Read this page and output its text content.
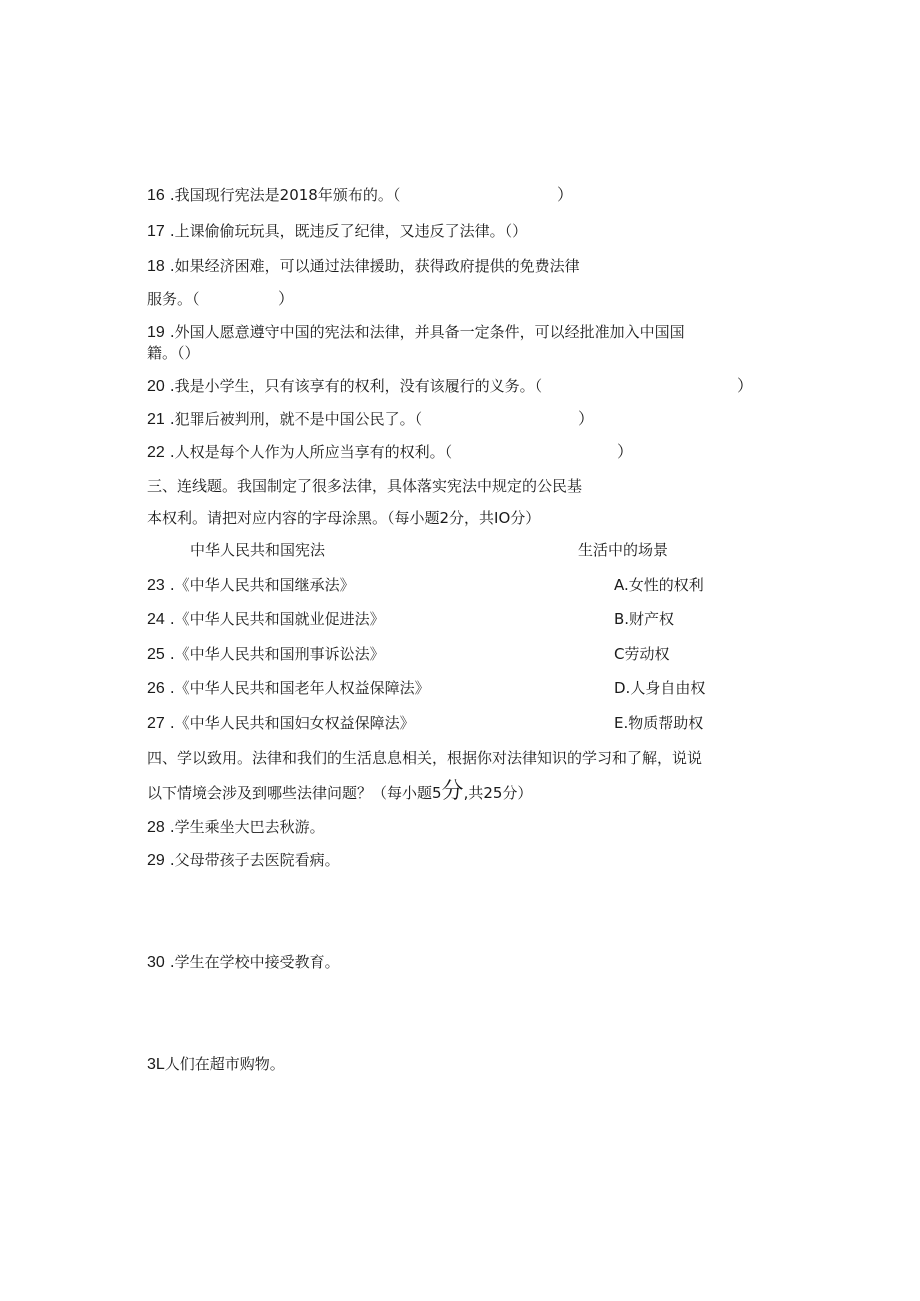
16 .我国现行宪法是2018年颁布的。（	）
17 .上课偷偷玩玩具，既违反了纪律，又违反了法律。（）
18 .如果经济困难，可以通过法律援助，获得政府提供的免费法律
服务。（	）
19 .外国人愿意遵守中国的宪法和法律，并具备一定条件，可以经批准加入中国国
籍。（）
20 .我是小学生，只有该享有的权利，没有该履行的义务。（	）
21 .犯罪后被判刑，就不是中国公民了。（	）
22 .人权是每个人作为人所应当享有的权利。（	）
三、连线题。我国制定了很多法律，具体落实宪法中规定的公民基
本权利。请把对应内容的字母涂黑。（每小题2分，共IO分）
中华人民共和国宪法	生活中的场景
23 .《中华人民共和国继承法》	A.女性的权利
24 .《中华人民共和国就业促进法》	B.财产权
25 .《中华人民共和国刑事诉讼法》	C劳动权
26 .《中华人民共和国老年人权益保障法》	D.人身自由权
27 .《中华人民共和国妇女权益保障法》	E.物质帮助权
四、学以致用。法律和我们的生活息息相关，根据你对法律知识的学习和了解，说说
以下情境会涉及到哪些法律问题？（每小题5分,共25分）
28 .学生乘坐大巴去秋游。
29 .父母带孩子去医院看病。
30 .学生在学校中接受教育。
3L人们在超市购物。
